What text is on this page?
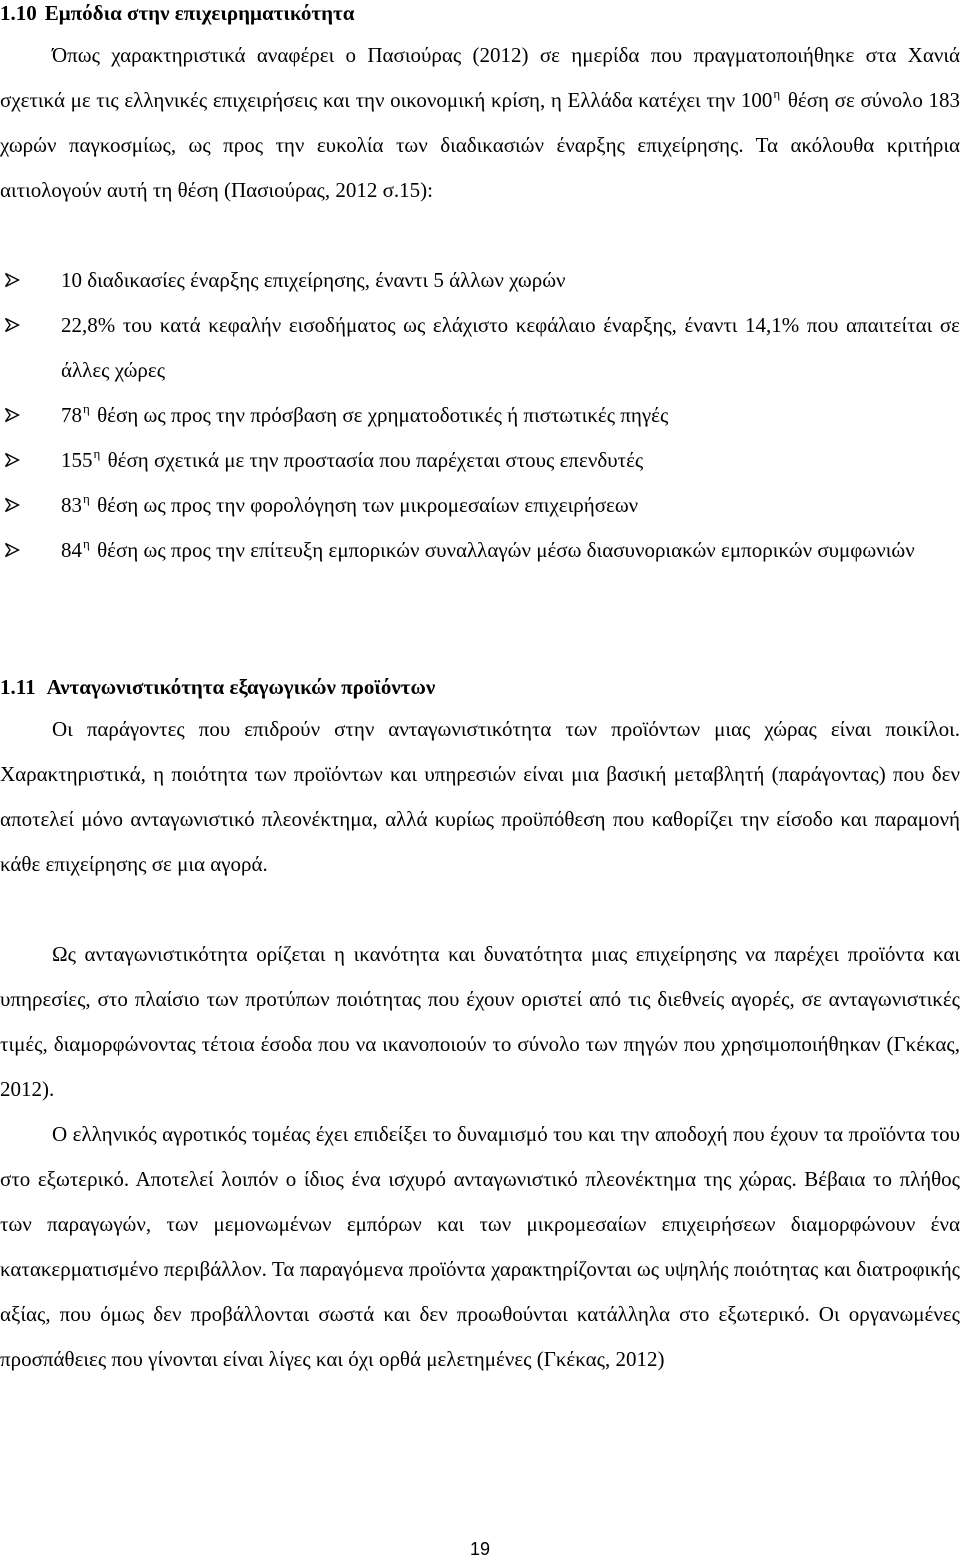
1.10 Εμπόδια στην επιχειρηματικότητα

Όπως χαρακτηριστικά αναφέρει ο Πασιούρας (2012) σε ημερίδα που πραγματοποιήθηκε στα Χανιά σχετικά με τις ελληνικές επιχειρήσεις και την οικονομική κρίση, η Ελλάδα κατέχει την $100^\eta$ θέση σε σύνολο 183 χωρών παγκοσμίως, ως προς την ευκολία των διαδικασιών έναρξης επιχείρησης. Τα ακόλουθα κριτήρια αιτιολογούν αυτή τη θέση (Πασιούρας, 2012 σ.15):

10 διαδικασίες έναρξης επιχείρησης, έναντι 5 άλλων χωρών
22,8% του κατά κεφαλήν εισοδήματος ως ελάχιστο κεφάλαιο έναρξης, έναντι 14,1% που απαιτείται σε άλλες χώρες
$78^\eta$ θέση ως προς την πρόσβαση σε χρηματοδοτικές ή πιστωτικές πηγές
$155^\eta$ θέση σχετικά με την προστασία που παρέχεται στους επενδυτές
$83^\eta$ θέση ως προς την φορολόγηση των μικρομεσαίων επιχειρήσεων
$84^\eta$ θέση ως προς την επίτευξη εμπορικών συναλλαγών μέσω διασυνοριακών εμπορικών συμφωνιών
1.11 Ανταγωνιστικότητα εξαγωγικών προϊόντων

Οι παράγοντες που επιδρούν στην ανταγωνιστικότητα των προϊόντων μιας χώρας είναι ποικίλοι. Χαρακτηριστικά, η ποιότητα των προϊόντων και υπηρεσιών είναι μια βασική μεταβλητή (παράγοντας) που δεν αποτελεί μόνο ανταγωνιστικό πλεονέκτημα, αλλά κυρίως προϋπόθεση που καθορίζει την είσοδο και παραμονή κάθε επιχείρησης σε μια αγορά.

Ως ανταγωνιστικότητα ορίζεται η ικανότητα και δυνατότητα μιας επιχείρησης να παρέχει προϊόντα και υπηρεσίες, στο πλαίσιο των προτύπων ποιότητας που έχουν οριστεί από τις διεθνείς αγορές, σε ανταγωνιστικές τιμές, διαμορφώνοντας τέτοια έσοδα που να ικανοποιούν το σύνολο των πηγών που χρησιμοποιήθηκαν (Γκέκας, 2012).

Ο ελληνικός αγροτικός τομέας έχει επιδείξει το δυναμισμό του και την αποδοχή που έχουν τα προϊόντα του στο εξωτερικό. Αποτελεί λοιπόν ο ίδιος ένα ισχυρό ανταγωνιστικό πλεονέκτημα της χώρας. Βέβαια το πλήθος των παραγωγών, των μεμονωμένων εμπόρων και των μικρομεσαίων επιχειρήσεων διαμορφώνουν ένα κατακερματισμένο περιβάλλον. Τα παραγόμενα προϊόντα χαρακτηρίζονται ως υψηλής ποιότητας και διατροφικής αξίας, που όμως δεν προβάλλονται σωστά και δεν προωθούνται κατάλληλα στο εξωτερικό. Οι οργανωμένες προσπάθειες που γίνονται είναι λίγες και όχι ορθά μελετημένες (Γκέκας, 2012)

19
